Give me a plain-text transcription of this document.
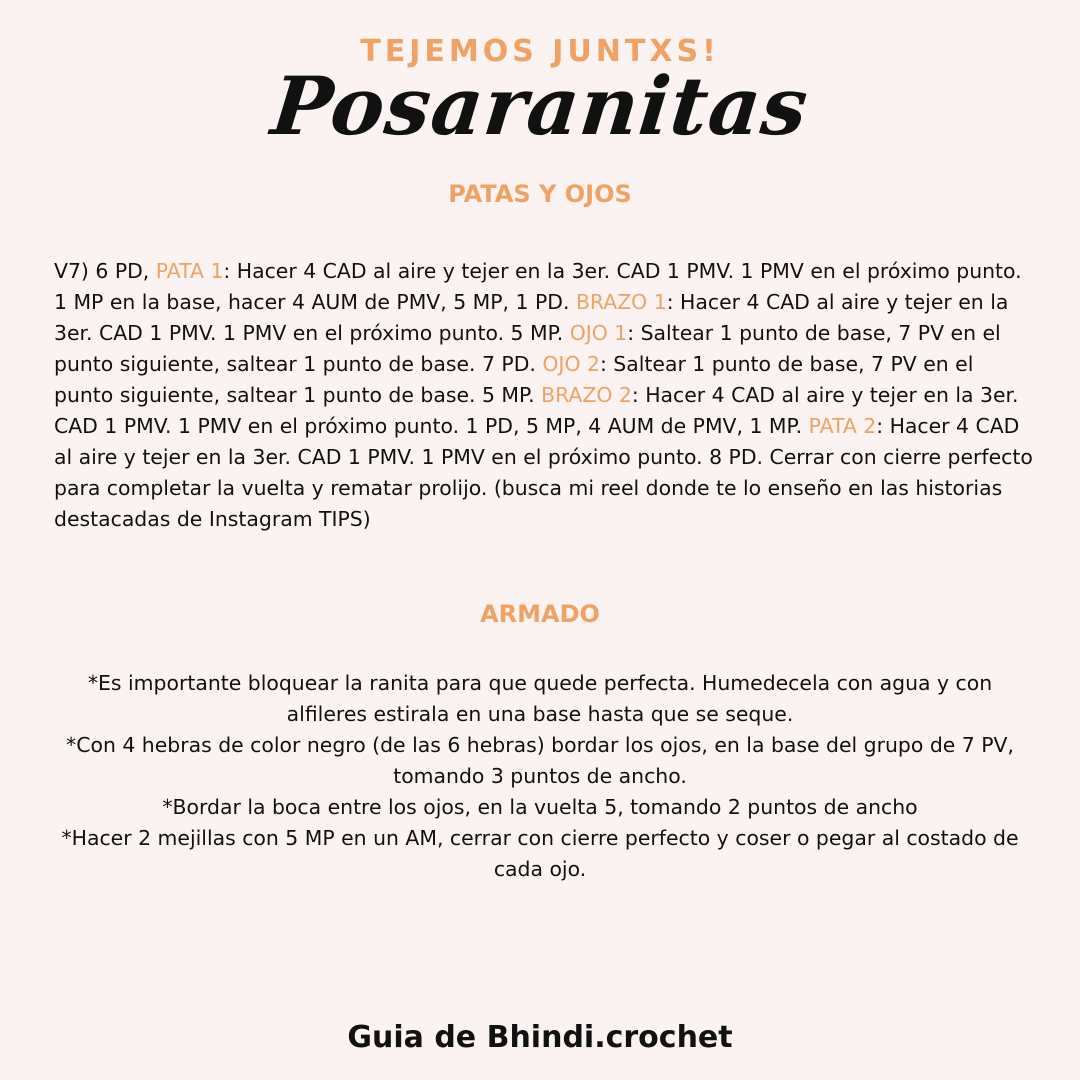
TEJEMOS JUNTXS!
Posaranitas
PATAS Y OJOS
V7) 6 PD, PATA 1: Hacer 4 CAD al aire y tejer en la 3er. CAD 1 PMV. 1 PMV en el próximo punto. 1 MP en la base, hacer 4 AUM de PMV, 5 MP, 1 PD. BRAZO 1: Hacer 4 CAD al aire y tejer en la 3er. CAD 1 PMV. 1 PMV en el próximo punto. 5 MP. OJO 1: Saltear 1 punto de base, 7 PV en el punto siguiente, saltear 1 punto de base. 7 PD. OJO 2: Saltear 1 punto de base, 7 PV en el punto siguiente, saltear 1 punto de base. 5 MP. BRAZO 2: Hacer 4 CAD al aire y tejer en la 3er. CAD 1 PMV. 1 PMV en el próximo punto. 1 PD, 5 MP, 4 AUM de PMV, 1 MP. PATA 2: Hacer 4 CAD al aire y tejer en la 3er. CAD 1 PMV. 1 PMV en el próximo punto. 8 PD. Cerrar con cierre perfecto para completar la vuelta y rematar prolijo. (busca mi reel donde te lo enseño en las historias destacadas de Instagram TIPS)
ARMADO

*Es importante bloquear la ranita para que quede perfecta. Humedecela con agua y con alfileres estirala en una base hasta que se seque.

*Con 4 hebras de color negro (de las 6 hebras) bordar los ojos, en la base del grupo de 7 PV, tomando 3 puntos de ancho.

*Bordar la boca entre los ojos, en la vuelta 5, tomando 2 puntos de ancho

*Hacer 2 mejillas con 5 MP en un AM, cerrar con cierre perfecto y coser o pegar al costado de cada ojo.

Guia de Bhindi.crochet
